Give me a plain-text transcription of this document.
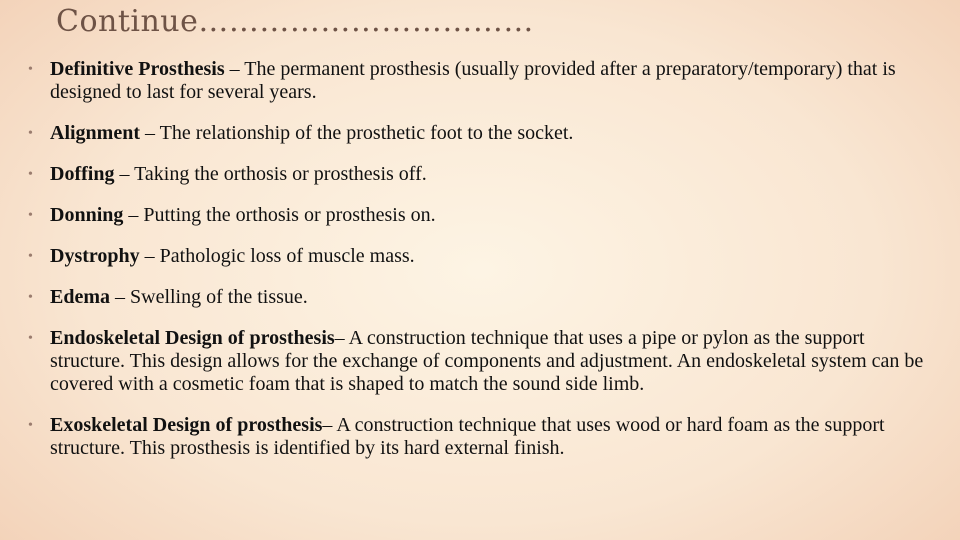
Continue……………………………
• Definitive Prosthesis – The permanent prosthesis (usually provided after a preparatory/temporary) that is designed to last for several years.
• Alignment – The relationship of the prosthetic foot to the socket.
• Doffing – Taking the orthosis or prosthesis off.
• Donning – Putting the orthosis or prosthesis on.
• Dystrophy – Pathologic loss of muscle mass.
• Edema – Swelling of the tissue.
• Endoskeletal Design of prosthesis– A construction technique that uses a pipe or pylon as the support structure. This design allows for the exchange of components and adjustment. An endoskeletal system can be covered with a cosmetic foam that is shaped to match the sound side limb.
• Exoskeletal Design of prosthesis– A construction technique that uses wood or hard foam as the support structure. This prosthesis is identified by its hard external finish.
